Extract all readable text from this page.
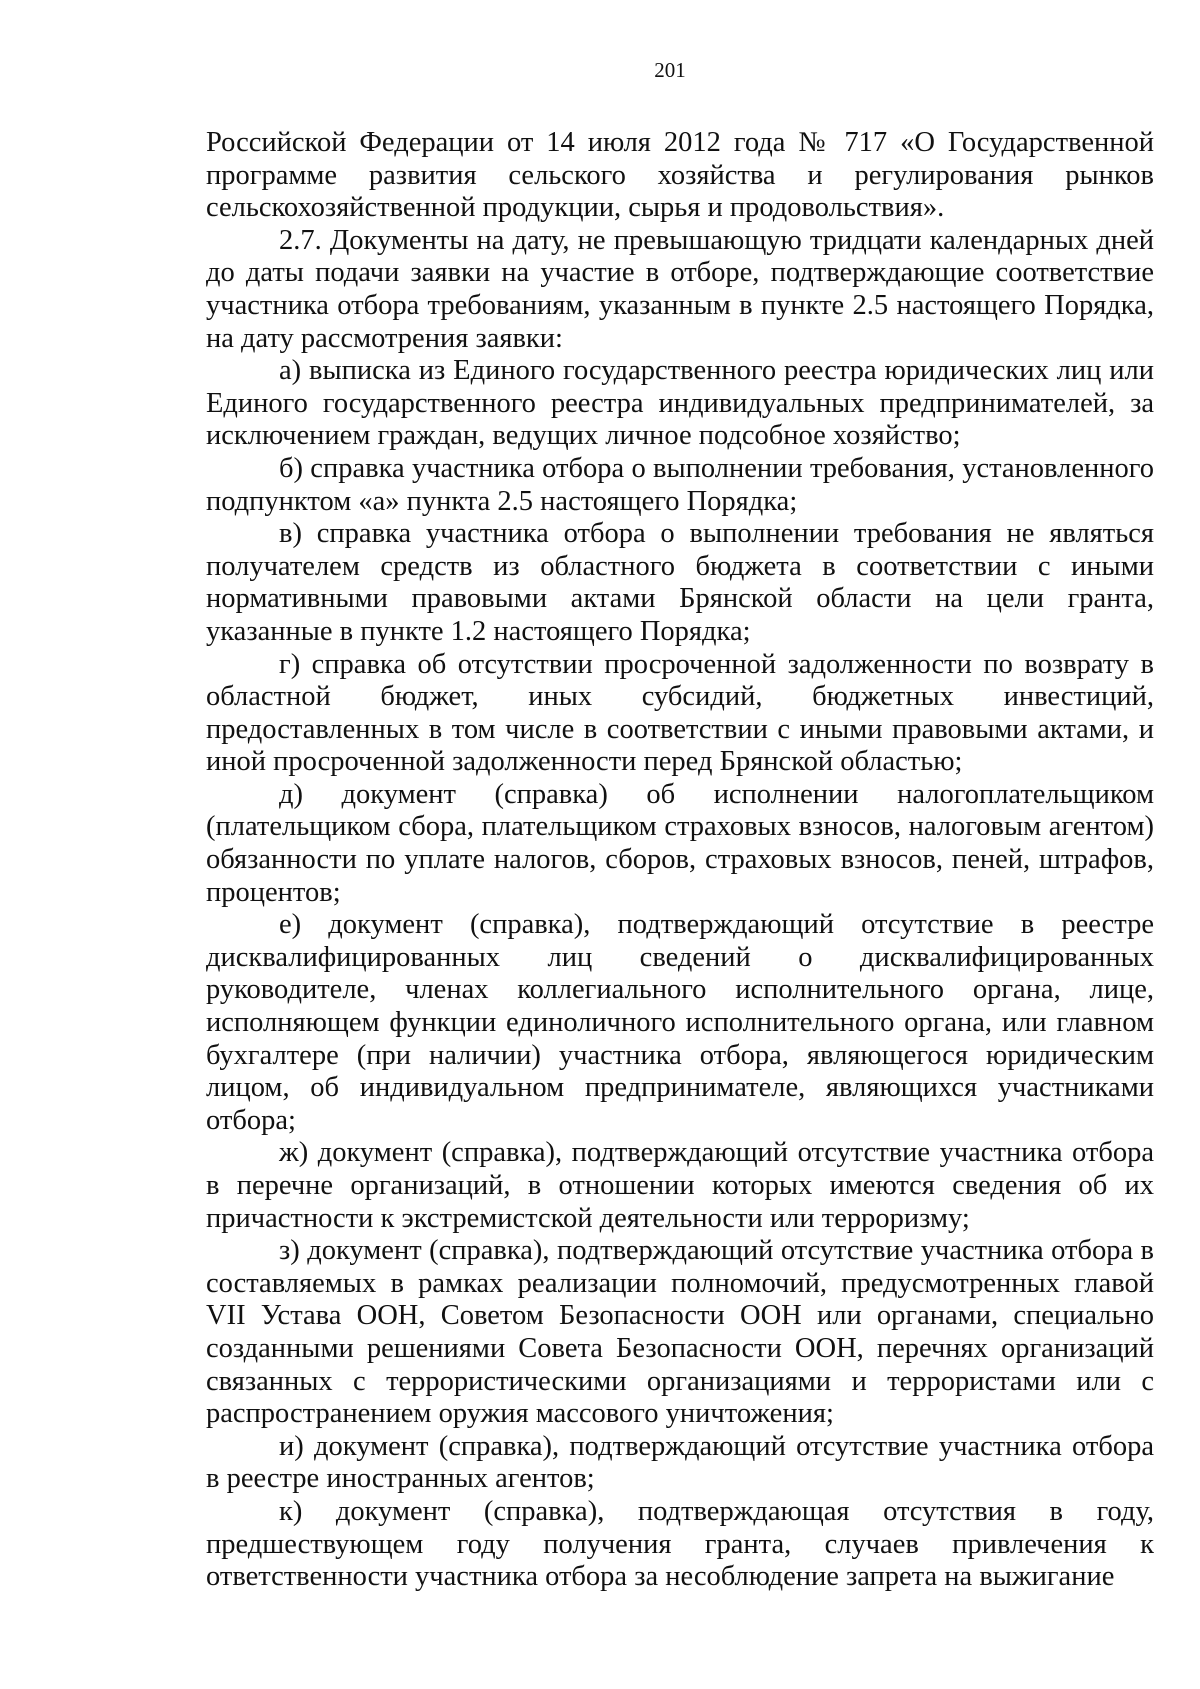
201

Российской Федерации от 14 июля 2012 года № 717 «О Государственной программе развития сельского хозяйства и регулирования рынков сельскохозяйственной продукции, сырья и продовольствия».

2.7. Документы на дату, не превышающую тридцати календарных дней до даты подачи заявки на участие в отборе, подтверждающие соответствие участника отбора требованиям, указанным в пункте 2.5 настоящего Порядка, на дату рассмотрения заявки:

а) выписка из Единого государственного реестра юридических лиц или Единого государственного реестра индивидуальных предпринимателей, за исключением граждан, ведущих личное подсобное хозяйство;

б) справка участника отбора о выполнении требования, установленного подпунктом «а» пункта 2.5 настоящего Порядка;

в) справка участника отбора о выполнении требования не являться получателем средств из областного бюджета в соответствии с иными нормативными правовыми актами Брянской области на цели гранта, указанные в пункте 1.2 настоящего Порядка;

г) справка об отсутствии просроченной задолженности по возврату в областной бюджет, иных субсидий, бюджетных инвестиций, предоставленных в том числе в соответствии с иными правовыми актами, и иной просроченной задолженности перед Брянской областью;

д) документ (справка) об исполнении налогоплательщиком (плательщиком сбора, плательщиком страховых взносов, налоговым агентом) обязанности по уплате налогов, сборов, страховых взносов, пеней, штрафов, процентов;

е) документ (справка), подтверждающий отсутствие в реестре дисквалифицированных лиц сведений о дисквалифицированных руководителе, членах коллегиального исполнительного органа, лице, исполняющем функции единоличного исполнительного органа, или главном бухгалтере (при наличии) участника отбора, являющегося юридическим лицом, об индивидуальном предпринимателе, являющихся участниками отбора;

ж) документ (справка), подтверждающий отсутствие участника отбора в перечне организаций, в отношении которых имеются сведения об их причастности к экстремистской деятельности или терроризму;

з) документ (справка), подтверждающий отсутствие участника отбора в составляемых в рамках реализации полномочий, предусмотренных главой VII Устава ООН, Советом Безопасности ООН или органами, специально созданными решениями Совета Безопасности ООН, перечнях организаций связанных с террористическими организациями и террористами или с распространением оружия массового уничтожения;

и) документ (справка), подтверждающий отсутствие участника отбора в реестре иностранных агентов;

к) документ (справка), подтверждающая отсутствия в году, предшествующем году получения гранта, случаев привлечения к ответственности участника отбора за несоблюдение запрета на выжигание
